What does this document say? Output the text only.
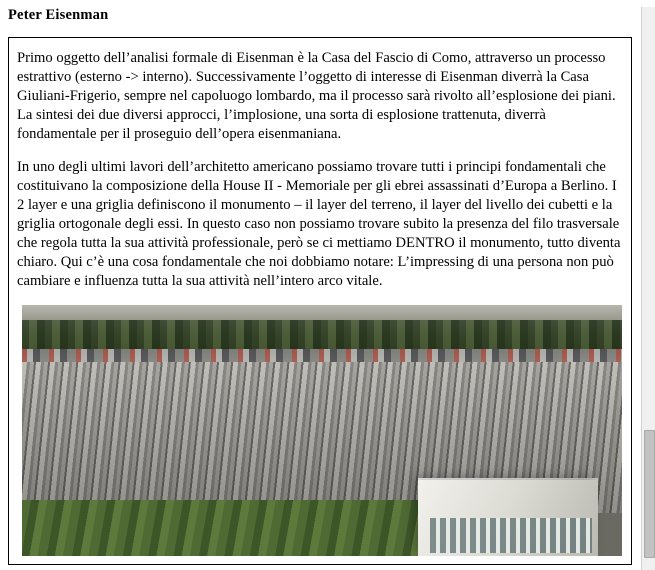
Peter Eisenman

Primo oggetto dell’analisi formale di Eisenman è la Casa del Fascio di Como, attraverso un processo estrattivo (esterno -> interno). Successivamente l’oggetto di interesse di Eisenman diverrà la Casa Giuliani-Frigerio, sempre nel capoluogo lombardo, ma il processo sarà rivolto all’esplosione dei piani. La sintesi dei due diversi approcci, l’implosione, una sorta di esplosione trattenuta, diverrà fondamentale per il proseguio dell’opera eisenmaniana.

In uno degli ultimi lavori dell’architetto americano possiamo trovare tutti i principi fondamentali che costituivano la composizione della House II - Memoriale per gli ebrei assassinati d’Europa a Berlino. I 2 layer e una griglia definiscono il monumento – il layer del terreno, il layer del livello dei cubetti e la griglia ortogonale degli essi. In questo caso non possiamo trovare subito la presenza del filo trasversale che regola tutta la sua attività professionale, però se ci mettiamo DENTRO il monumento, tutto diventa chiaro. Qui c’è una cosa fondamentale che noi dobbiamo notare: L’impressing di una persona non può cambiare e influenza tutta la sua attività nell’intero arco vitale.
